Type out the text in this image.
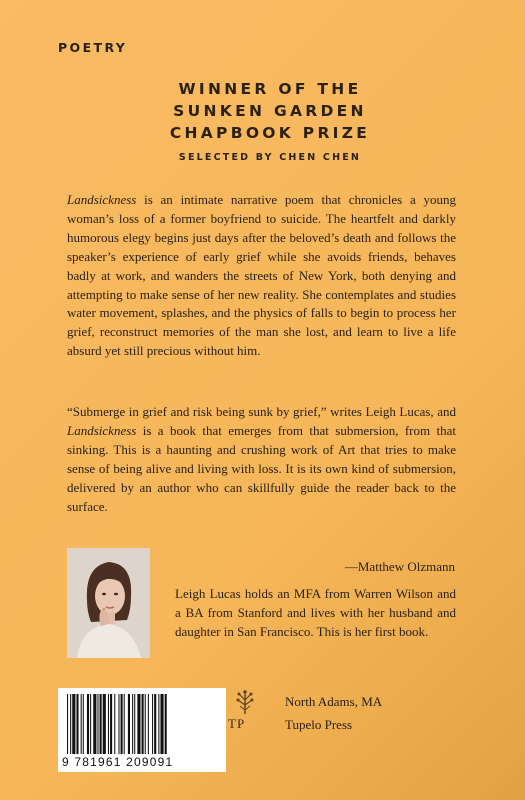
POETRY
WINNER OF THE
SUNKEN GARDEN
CHAPBOOK PRIZE
SELECTED BY CHEN CHEN

Landsickness is an intimate narrative poem that chronicles a young woman’s loss of a former boyfriend to suicide. The heartfelt and darkly humorous elegy begins just days after the beloved’s death and follows the speaker’s experience of early grief while she avoids friends, behaves badly at work, and wanders the streets of New York, both denying and attempting to make sense of her new reality. She contemplates and studies water movement, splashes, and the physics of falls to begin to process her grief, reconstruct memories of the man she lost, and learn to live a life absurd yet still precious without him.

“Submerge in grief and risk being sunk by grief,” writes Leigh Lucas, and Landsickness is a book that emerges from that submersion, from that sinking. This is a haunting and crushing work of Art that tries to make sense of being alive and living with loss. It is its own kind of submersion, delivered by an author who can skillfully guide the reader back to the surface.

—Matthew Olzmann

Leigh Lucas holds an MFA from Warren Wilson and a BA from Stanford and lives with her husband and daughter in San Francisco. This is her first book.

9 781961 209091
TP
North Adams, MA
Tupelo Press
